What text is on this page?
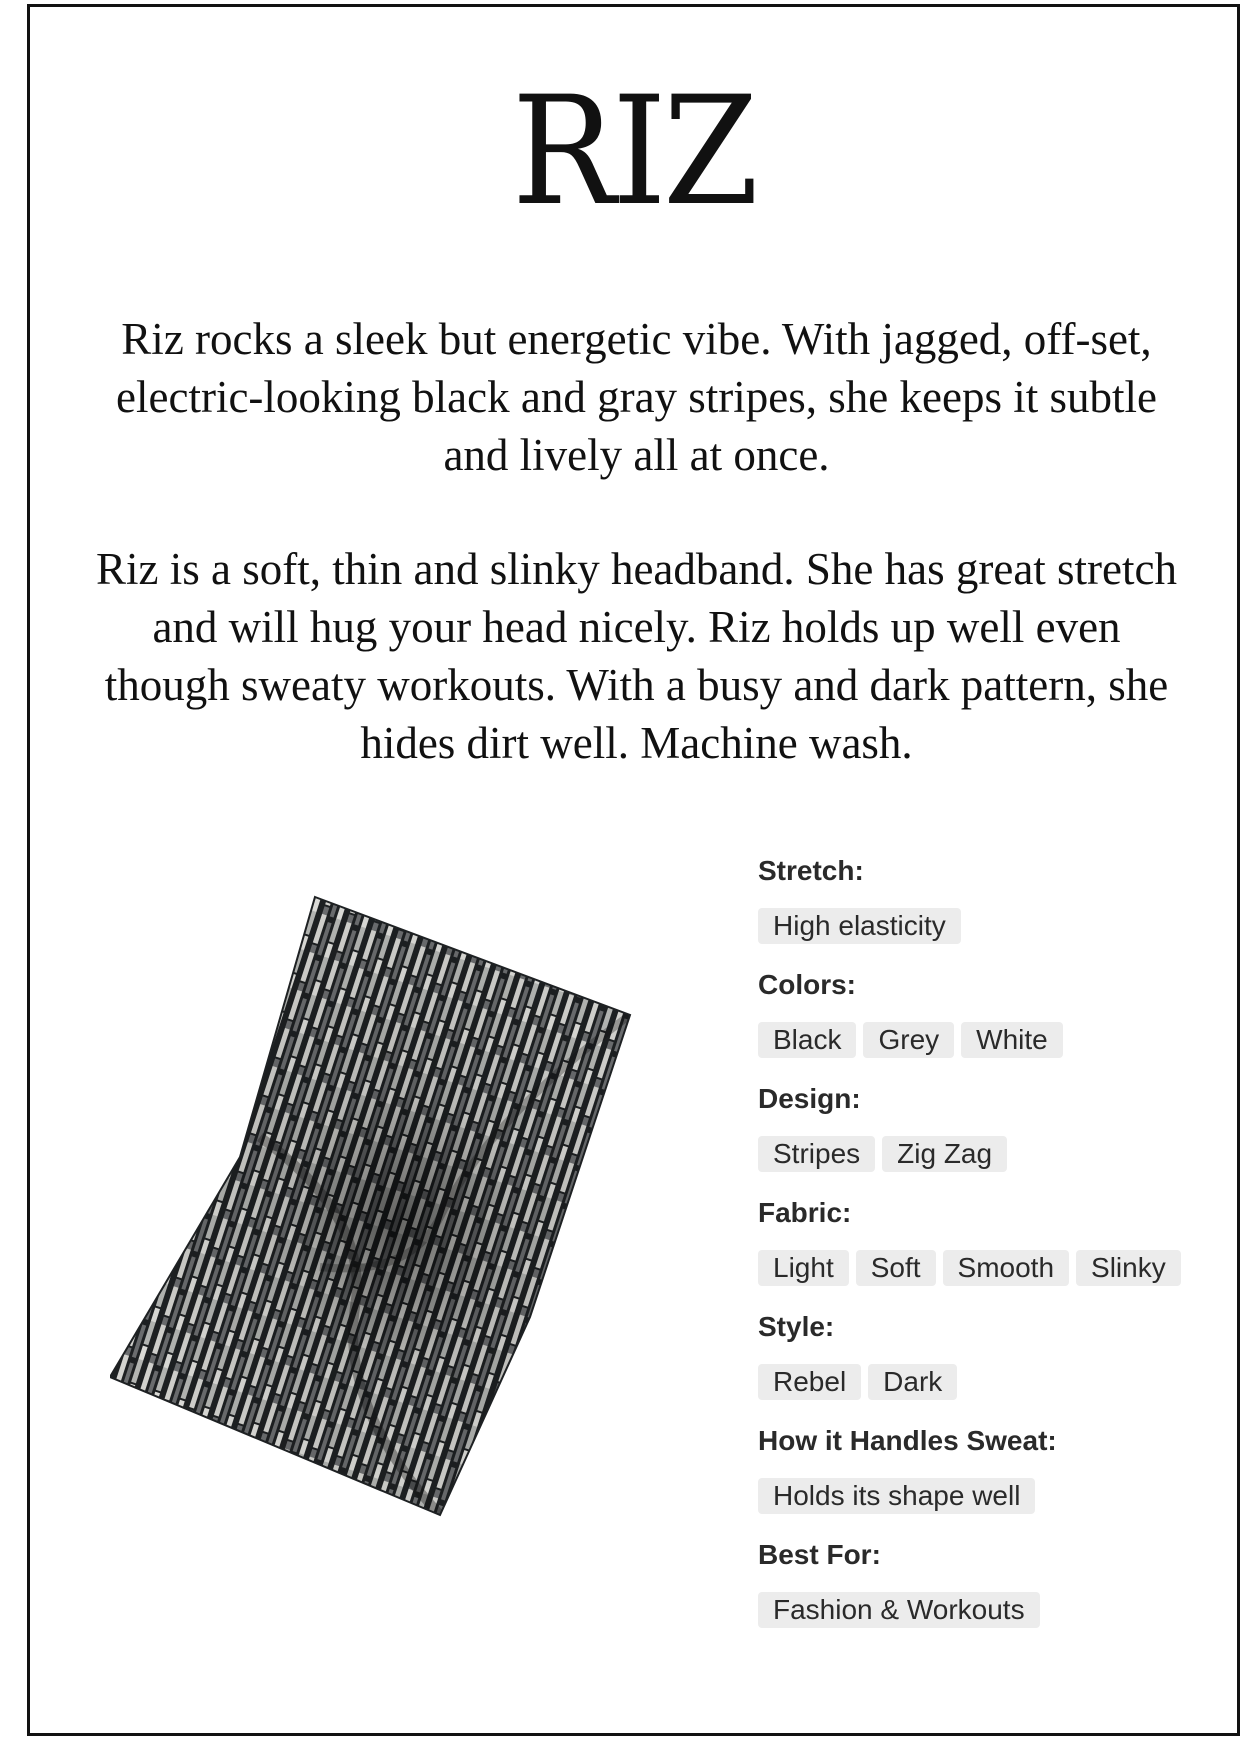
RIZ
Riz rocks a sleek but energetic vibe. With jagged, off-set, electric-looking black and gray stripes, she keeps it subtle and lively all at once.
Riz is a soft, thin and slinky headband. She has great stretch and will hug your head nicely. Riz holds up well even though sweaty workouts. With a busy and dark pattern, she hides dirt well. Machine wash.
Stretch:
High elasticity
Colors:
Black Grey White
Design:
Stripes Zig Zag
Fabric:
Light Soft Smooth Slinky
Style:
Rebel Dark
How it Handles Sweat:
Holds its shape well
Best For:
Fashion & Workouts
